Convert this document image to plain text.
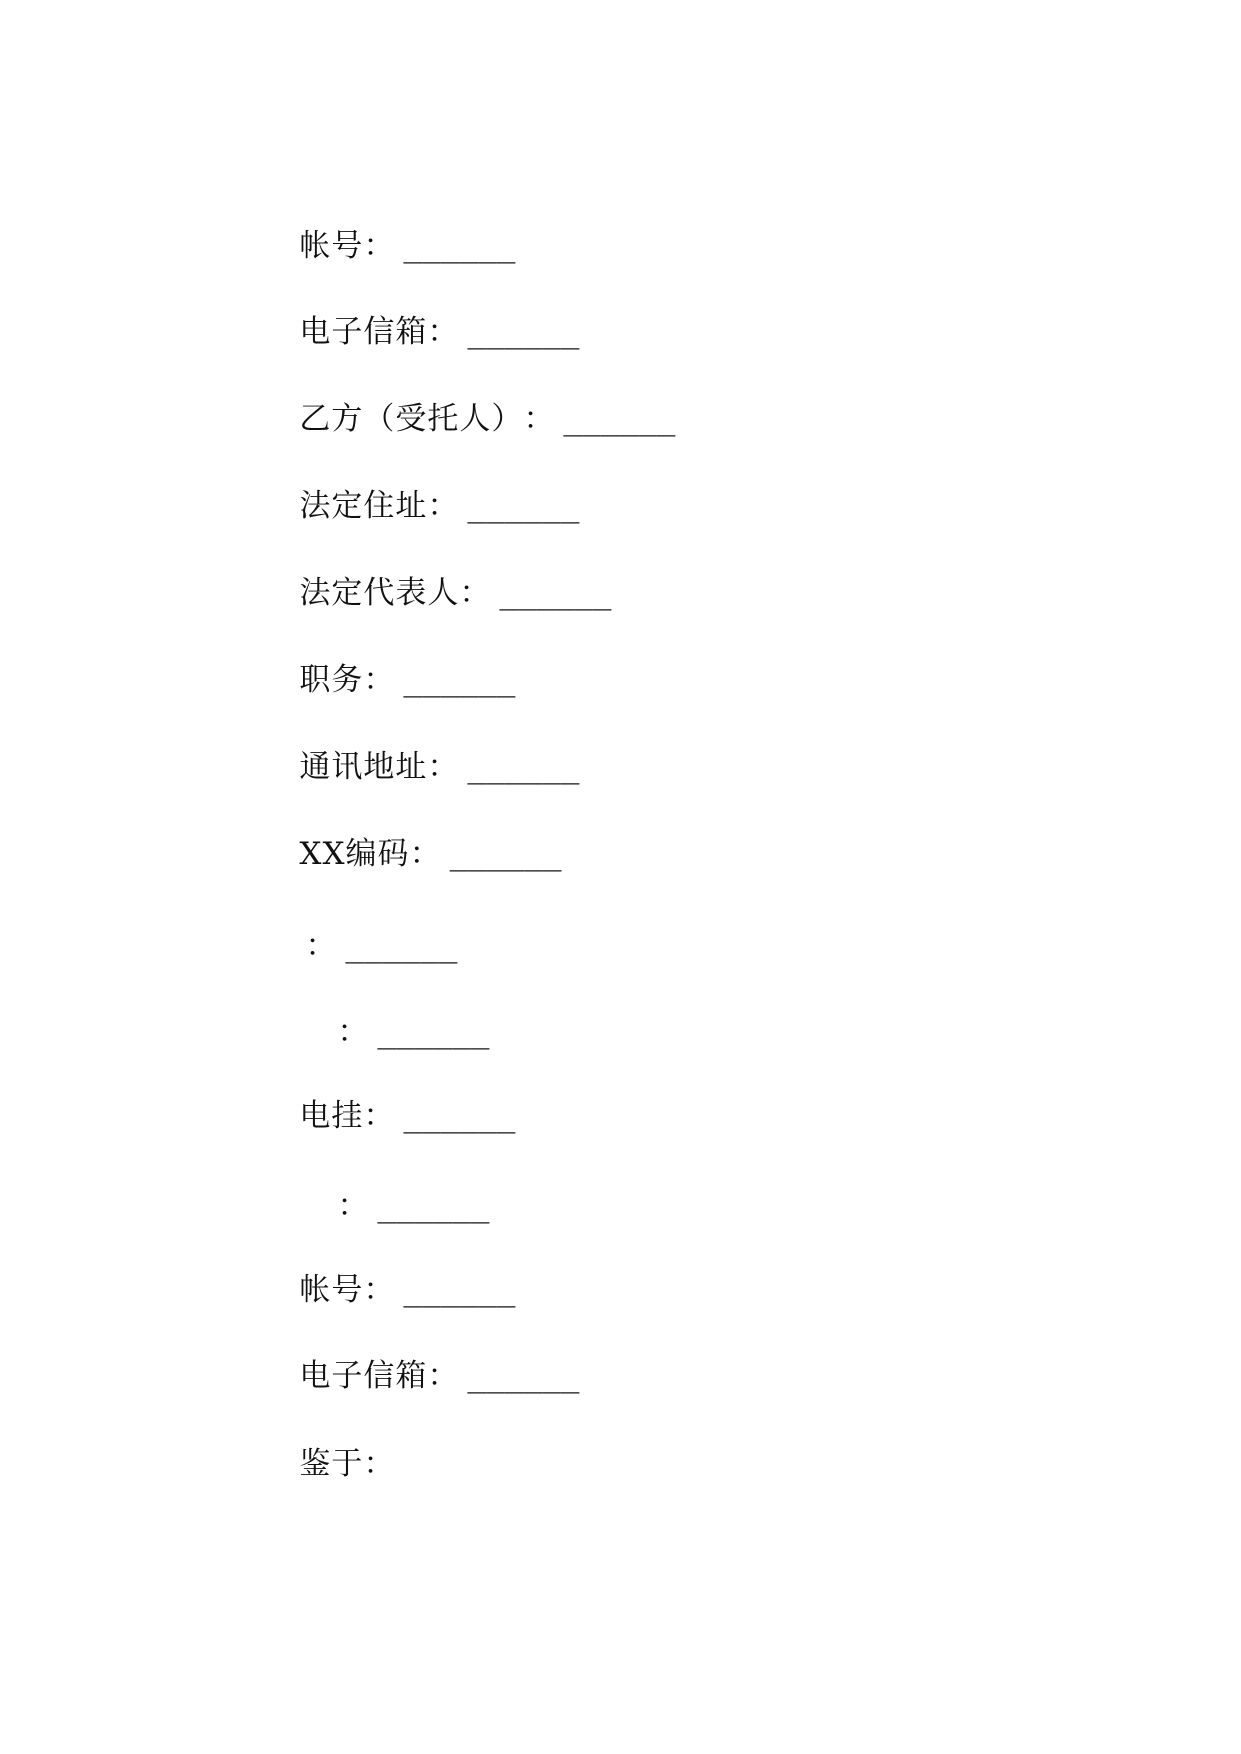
帐号： ______

电子信箱： ______

乙方（受托人）： ______

法定住址： ______

法定代表人： ______

职务： ______

通讯地址： ______

XX编码： ______

： ______

： ______

电挂： ______

： ______

帐号： ______

电子信箱： ______

鉴于：
